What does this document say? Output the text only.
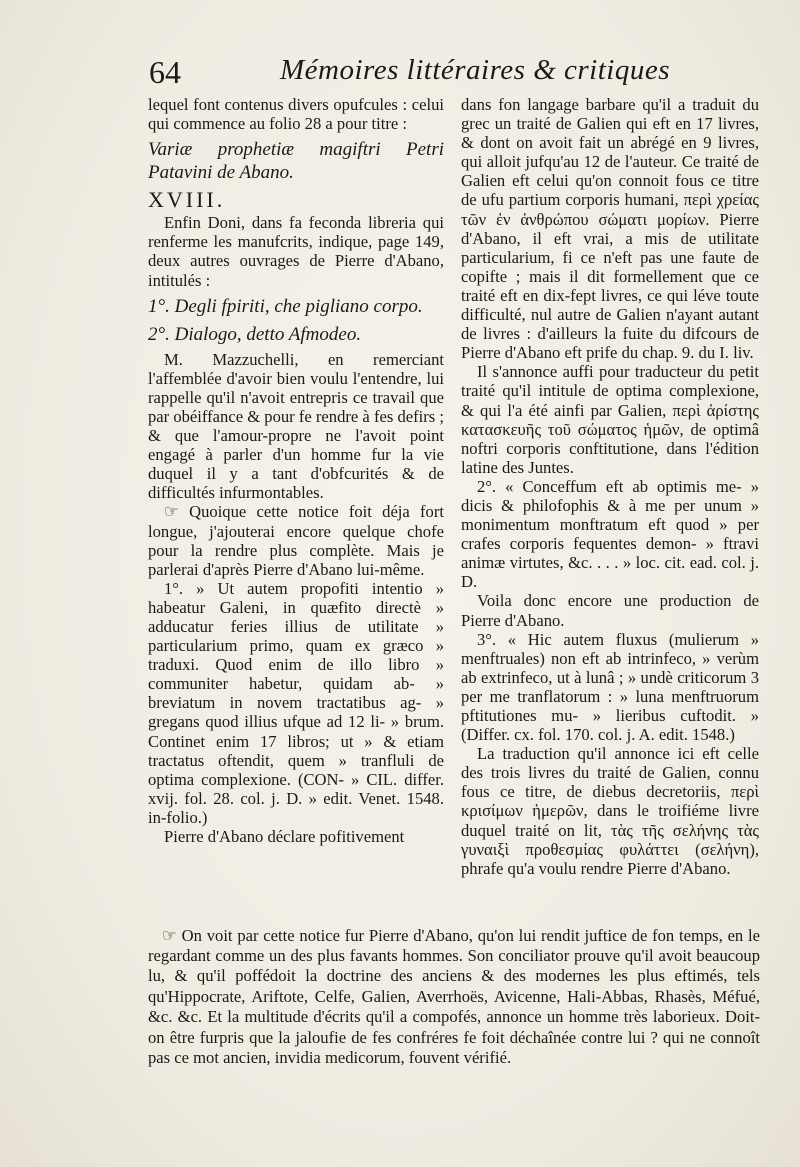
64	Mémoires littéraires & critiques

lequel font contenus divers opufcules : celui qui commence au folio 28 a pour titre :

Variæ prophetiæ magiftri Petri Patavini de Abano.

XVIII.

Enfin Doni, dans fa feconda libreria qui renferme les manufcrits, indique, page 149, deux autres ouvrages de Pierre d'Abano, intitulés :

1°. Degli fpiriti, che pigliano corpo.

2°. Dialogo, detto Afmodeo.

M. Mazzuchelli, en remerciant l'affemblée d'avoir bien voulu l'entendre, lui rappelle qu'il n'avoit entrepris ce travail que par obéiffance & pour fe rendre à fes defirs ; & que l'amour-propre ne l'avoit point engagé à parler d'un homme fur la vie duquel il y a tant d'obfcurités & de difficultés infurmontables.

☞ Quoique cette notice foit déja fort longue, j'ajouterai encore quelque chofe pour la rendre plus complète. Mais je parlerai d'après Pierre d'Abano lui-même.

1°. » Ut autem propofiti intentio » habeatur Galeni, in quæfito directè » adducatur feries illius de utilitate » particularium primo, quam ex græco » traduxi. Quod enim de illo libro » communiter habetur, quidam ab- » breviatum in novem tractatibus ag- » gregans quod illius ufque ad 12 li- » brum. Continet enim 17 libros; ut » & etiam tractatus oftendit, quem » tranfluli de optima complexione. (CON- » CIL. differ. xvij. fol. 28. col. j. D. » edit. Venet. 1548. in-folio.)

Pierre d'Abano déclare pofitivement

dans fon langage barbare qu'il a traduit du grec un traité de Galien qui eft en 17 livres, & dont on avoit fait un abrégé en 9 livres, qui alloit jufqu'au 12 de l'auteur. Ce traité de Galien eft celui qu'on connoit fous ce titre de ufu partium corporis humani, περὶ χρείας τῶν ἐν ἀνθρώπου σώματι μορίων. Pierre d'Abano, il eft vrai, a mis de utilitate particularium, fi ce n'eft pas une faute de copifte ; mais il dit formellement que ce traité eft en dix-fept livres, ce qui léve toute difficulté, nul autre de Galien n'ayant autant de livres : d'ailleurs la fuite du difcours de Pierre d'Abano eft prife du chap. 9. du I. liv.

Il s'annonce auffi pour traducteur du petit traité qu'il intitule de optima complexione, & qui l'a été ainfi par Galien, περὶ ἀρίστης κατασκευῆς τοῦ σώματος ἡμῶν, de optimâ noftri corporis conftitutione, dans l'édition latine des Juntes.

2°. « Conceffum eft ab optimis me- » dicis & philofophis & à me per unum » monimentum monftratum eft quod » per crafes corporis fequentes demon- » ftravi animæ virtutes, &c. . . . » loc. cit. ead. col. j. D.

Voila donc encore une production de Pierre d'Abano.

3°. « Hic autem fluxus (mulierum » menftruales) non eft ab intrinfeco, » verùm ab extrinfeco, ut à lunâ ; » undè criticorum 3 per me tranflatorum : » luna menftruorum pftitutiones mu- » lieribus cuftodit. » (Differ. cx. fol. 170. col. j. A. edit. 1548.)

La traduction qu'il annonce ici eft celle des trois livres du traité de Galien, connu fous ce titre, de diebus decretoriis, περὶ κρισίμων ἡμερῶν, dans le troifiéme livre duquel traité on lit, τὰς τῆς σελήνης τὰς γυναιξὶ προθεσμίας φυλάττει (σελήνη), phrafe qu'a voulu rendre Pierre d'Abano.

☞ On voit par cette notice fur Pierre d'Abano, qu'on lui rendit juftice de fon temps, en le regardant comme un des plus favants hommes. Son conciliator prouve qu'il avoit beaucoup lu, & qu'il poffédoit la doctrine des anciens & des modernes les plus eftimés, tels qu'Hippocrate, Ariftote, Celfe, Galien, Averrhoës, Avicenne, Hali-Abbas, Rhasès, Méfué, &c. &c. Et la multitude d'écrits qu'il a compofés, annonce un homme très laborieux. Doit-on être furpris que la jaloufie de fes confréres fe foit déchaînée contre lui ? qui ne connoît pas ce mot ancien, invidia medicorum, fouvent vérifié.
